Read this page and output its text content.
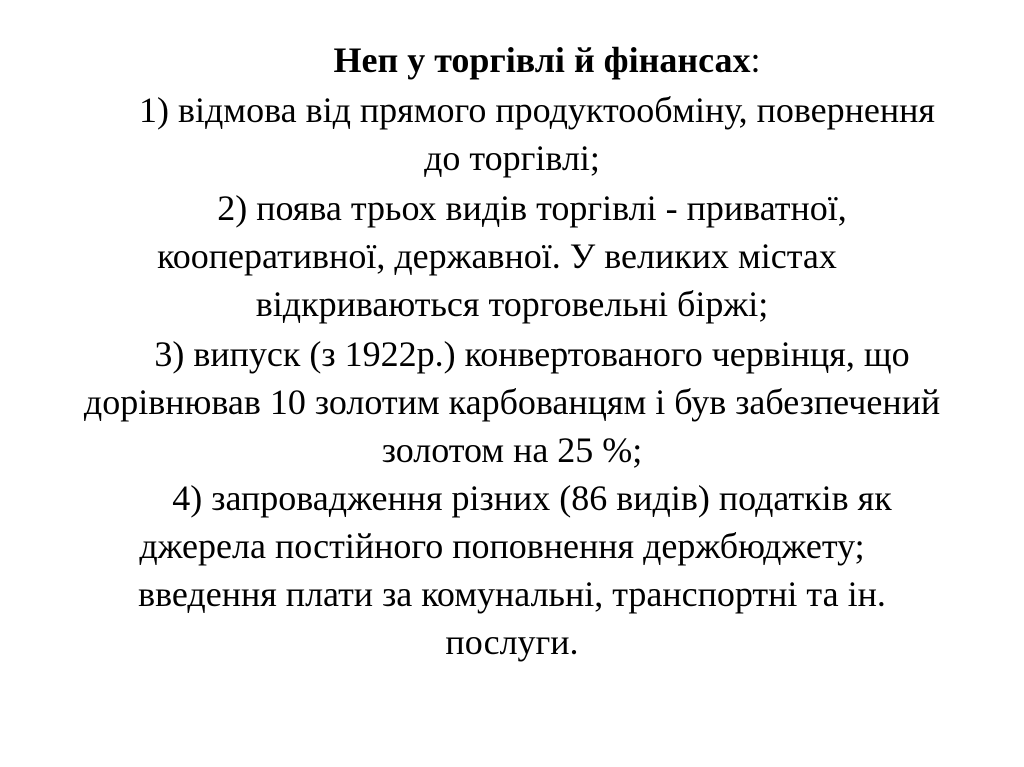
Неп у торгівлі й фінансах:
1) відмова від прямого продуктообміну, повернення
до торгівлі;
2) поява трьох видів торгівлі - приватної,
кооперативної, державної. У великих містах
відкриваються торговельні біржі;
3) випуск (з 1922р.) конвертованого червінця, що
дорівнював 10 золотим карбованцям і був забезпечений
золотом на 25 %;
4) запровадження різних (86 видів) податків як
джерела постійного поповнення держбюджету;
введення плати за комунальні, транспортні та ін.
послуги.
